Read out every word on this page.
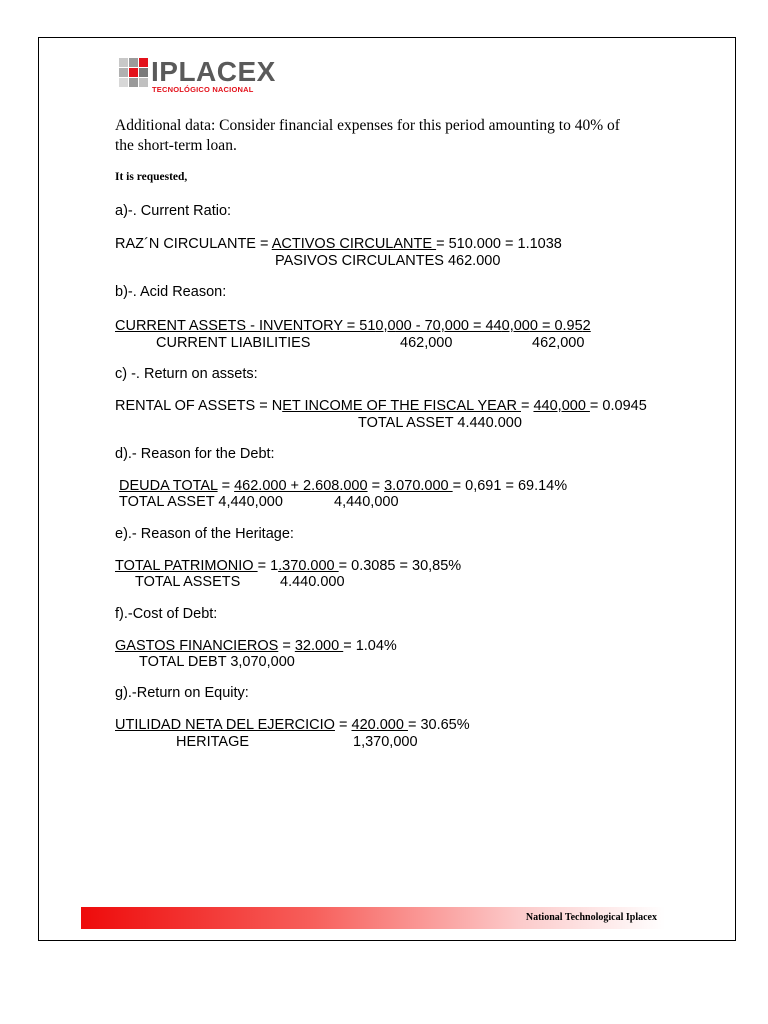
IPLACEX
TECNOLÓGICO NACIONAL
Additional data: Consider financial expenses for this period amounting to 40% of the short-term loan.
It is requested,
a)-. Current Ratio:
RAZ´N CIRCULANTE = ACTIVOS CIRCULANTE = 510.000 = 1.1038
PASIVOS CIRCULANTES 462.000
b)-. Acid Reason:
CURRENT ASSETS - INVENTORY = 510,000 - 70,000 = 440,000 = 0.952
CURRENT LIABILITIES	462,000	462,000
c) -. Return on assets:
RENTAL OF ASSETS = NET INCOME OF THE FISCAL YEAR = 440,000 = 0.0945
TOTAL ASSET 4.440.000
d).- Reason for the Debt:
DEUDA TOTAL = 462.000 + 2.608.000 = 3.070.000 = 0,691 = 69.14%
TOTAL ASSET 4,440,000	4,440,000
e).- Reason of the Heritage:
TOTAL PATRIMONIO = 1.370.000 = 0.3085 = 30,85%
TOTAL ASSETS	4.440.000
f).-Cost of Debt:
GASTOS FINANCIEROS = 32.000 = 1.04%
TOTAL DEBT 3,070,000
g).-Return on Equity:
UTILIDAD NETA DEL EJERCICIO = 420.000 = 30.65%
HERITAGE	1,370,000
National Technological Iplacex
